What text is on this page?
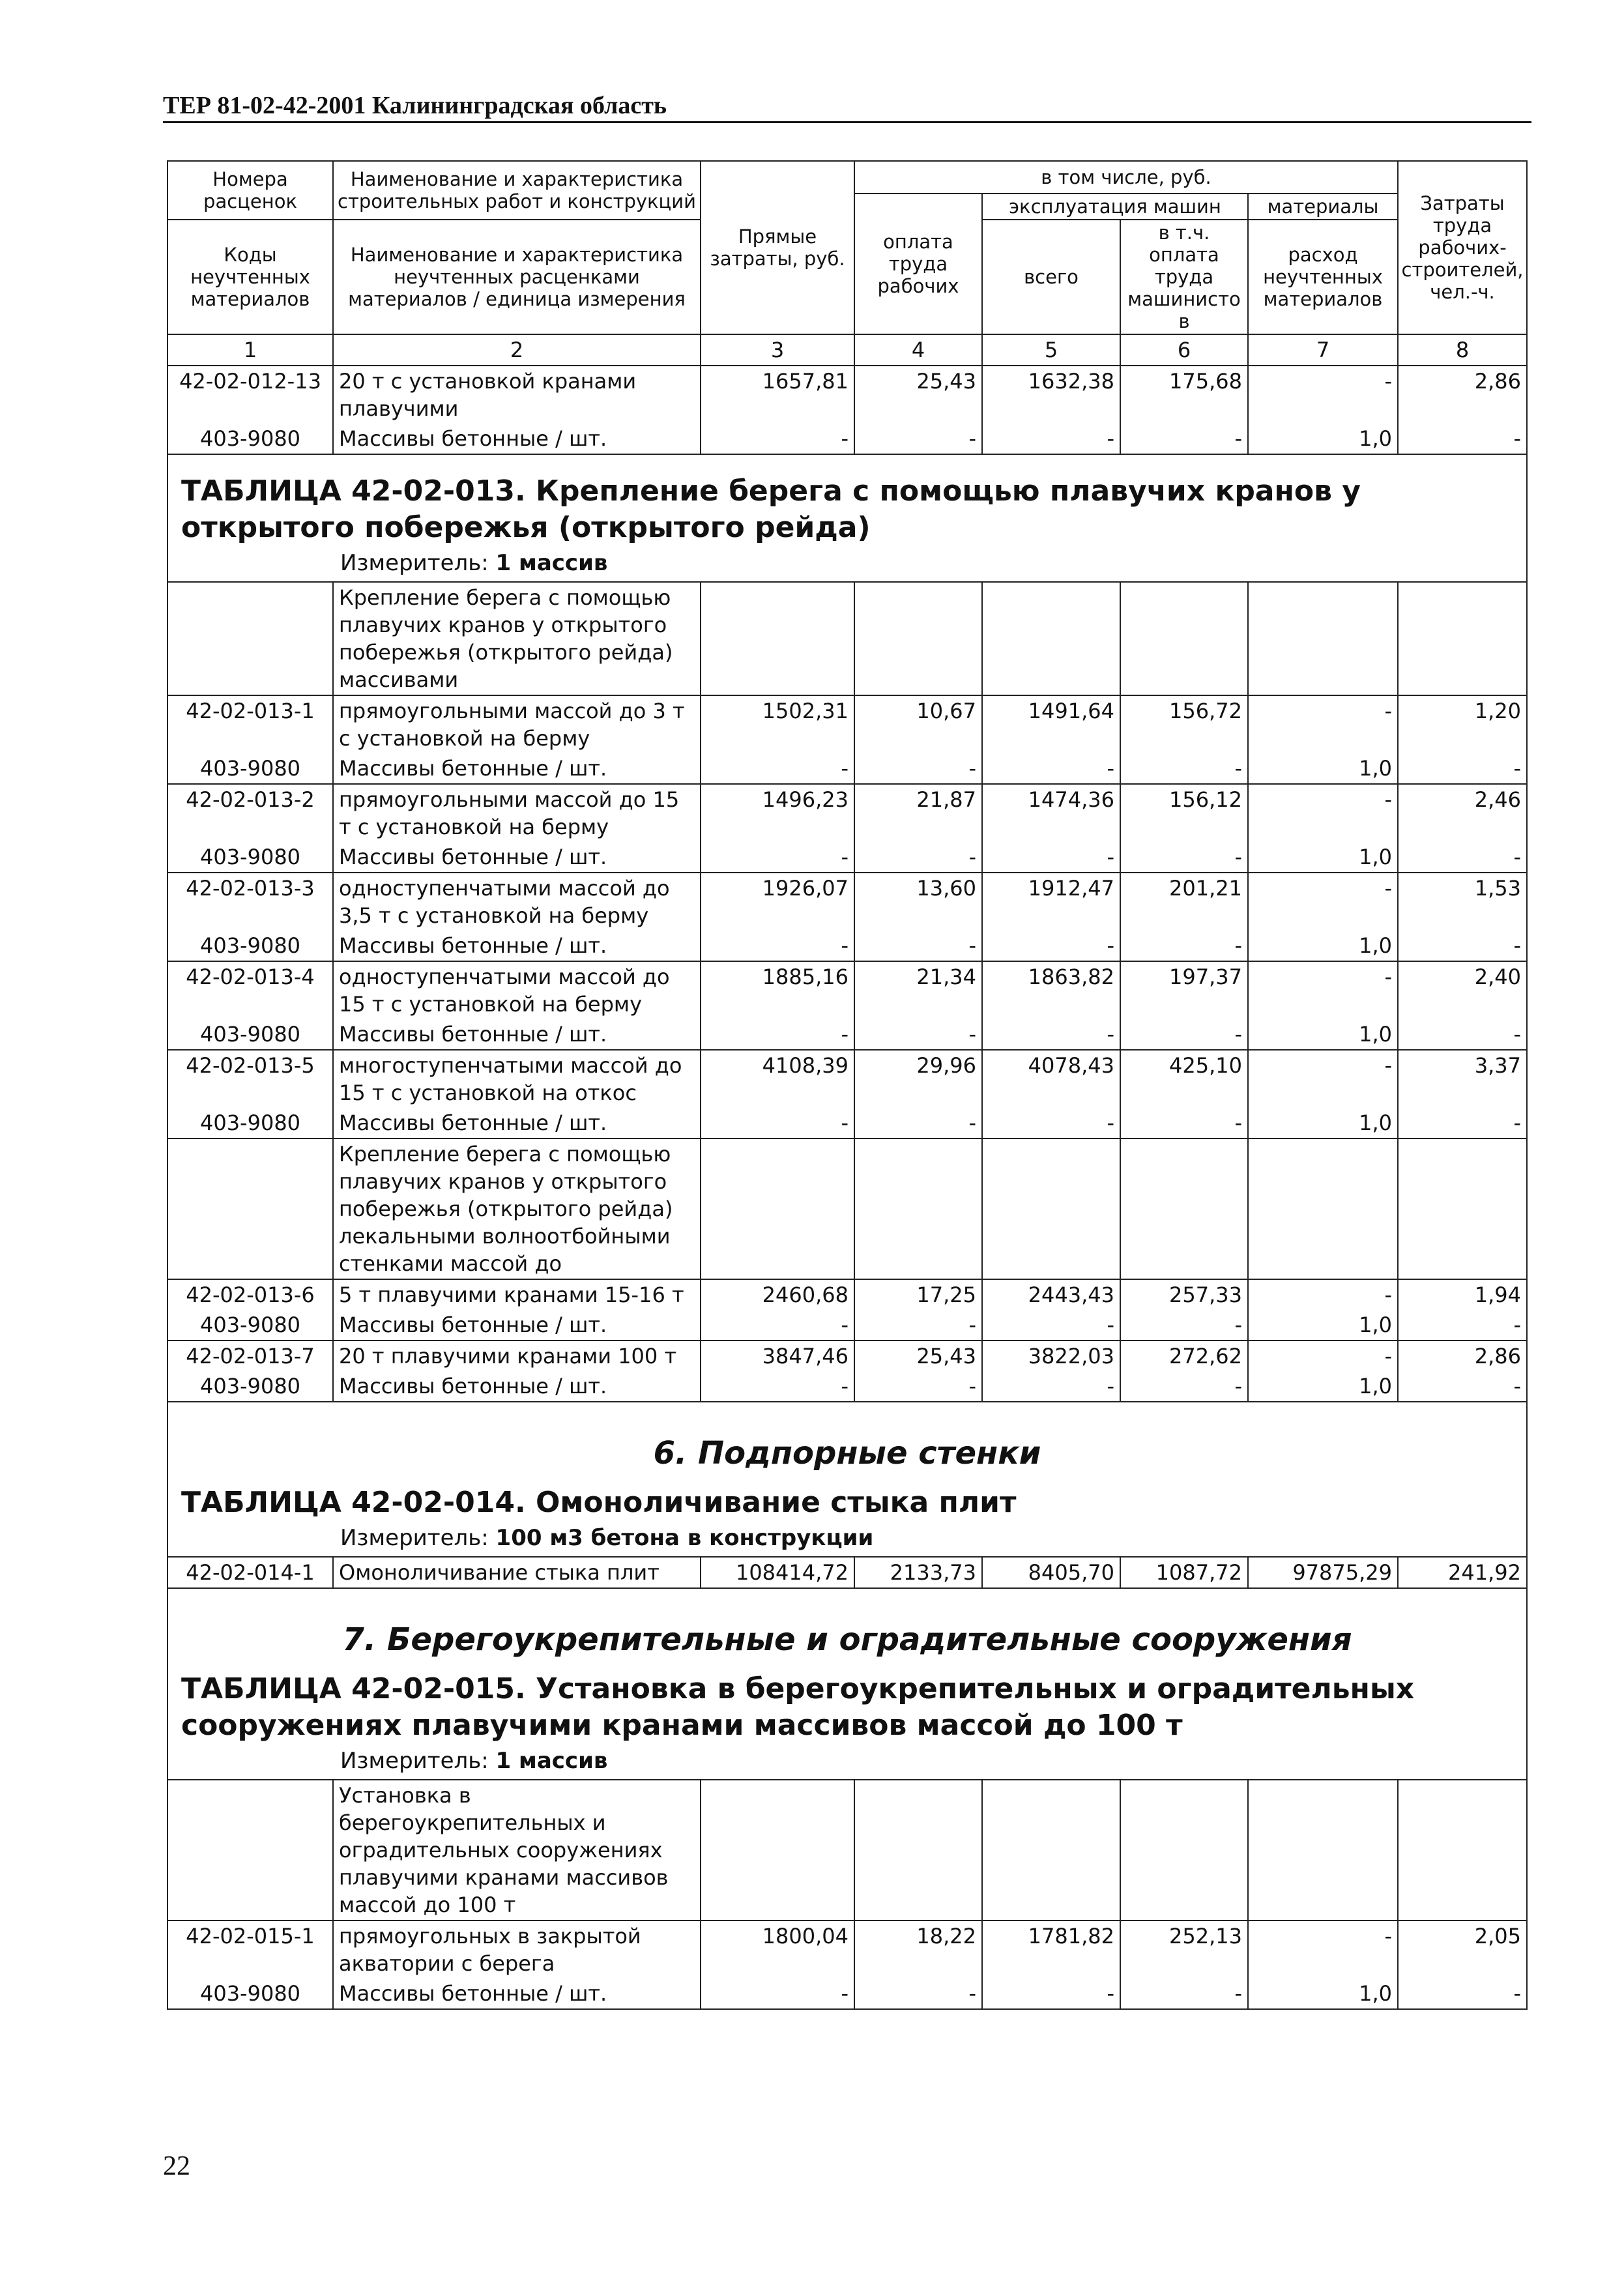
ТЕР 81-02-42-2001 Калининградская область
Номера расценок	Наименование и характеристика строительных работ и конструкций	Прямые затраты, руб.	в том числе, руб.				Затраты труда рабочих-строителей, чел.-ч.
			оплата труда рабочих	эксплуатация машин		материалы	
Коды неучтенных материалов	Наименование и характеристика неучтенных расценками материалов / единица измерения			всего	в т.ч. оплата труда машинистов	расход неучтенных материалов	

1	2	3	4	5	6	7	8
42-02-012-13	20 т с установкой кранами плавучими	1657,81	25,43	1632,38	175,68	-	2,86
403-9080	Массивы бетонные / шт.	-	-	-	-	1,0	-

ТАБЛИЦА 42-02-013. Крепление берега с помощью плавучих кранов у открытого побережья (открытого рейда)
Измеритель: 1 массив							

	Крепление берега с помощью плавучих кранов у открытого побережья (открытого рейда) массивами						
42-02-013-1	прямоугольными массой до 3 т с установкой на берму	1502,31	10,67	1491,64	156,72	-	1,20
403-9080	Массивы бетонные / шт.	-	-	-	-	1,0	-
42-02-013-2	прямоугольными массой до 15 т с установкой на берму	1496,23	21,87	1474,36	156,12	-	2,46
403-9080	Массивы бетонные / шт.	-	-	-	-	1,0	-
42-02-013-3	одноступенчатыми массой до 3,5 т с установкой на берму	1926,07	13,60	1912,47	201,21	-	1,53
403-9080	Массивы бетонные / шт.	-	-	-	-	1,0	-
42-02-013-4	одноступенчатыми массой до 15 т с установкой на берму	1885,16	21,34	1863,82	197,37	-	2,40
403-9080	Массивы бетонные / шт.	-	-	-	-	1,0	-
42-02-013-5	многоступенчатыми массой до 15 т с установкой на откос	4108,39	29,96	4078,43	425,10	-	3,37
403-9080	Массивы бетонные / шт.	-	-	-	-	1,0	-
	Крепление берега с помощью плавучих кранов у открытого побережья (открытого рейда) лекальными волноотбойными стенками массой до						
42-02-013-6	5 т плавучими кранами 15-16 т	2460,68	17,25	2443,43	257,33	-	1,94
403-9080	Массивы бетонные / шт.	-	-	-	-	1,0	-
42-02-013-7	20 т плавучими кранами 100 т	3847,46	25,43	3822,03	272,62	-	2,86
403-9080	Массивы бетонные / шт.	-	-	-	-	1,0	-

6. Подпорные стенки
ТАБЛИЦА 42-02-014. Омоноличивание стыка плит
Измеритель: 100 м3 бетона в конструкции							

42-02-014-1	Омоноличивание стыка плит	108414,72	2133,73	8405,70	1087,72	97875,29	241,92

7. Берегоукрепительные и оградительные сооружения
ТАБЛИЦА 42-02-015. Установка в берегоукрепительных и оградительных сооружениях плавучими кранами массивов массой до 100 т
Измеритель: 1 массив							

	Установка в берегоукрепительных и оградительных сооружениях плавучими кранами массивов массой до 100 т						
42-02-015-1	прямоугольных в закрытой акватории с берега	1800,04	18,22	1781,82	252,13	-	2,05
403-9080	Массивы бетонные / шт.	-	-	-	-	1,0	-
22
